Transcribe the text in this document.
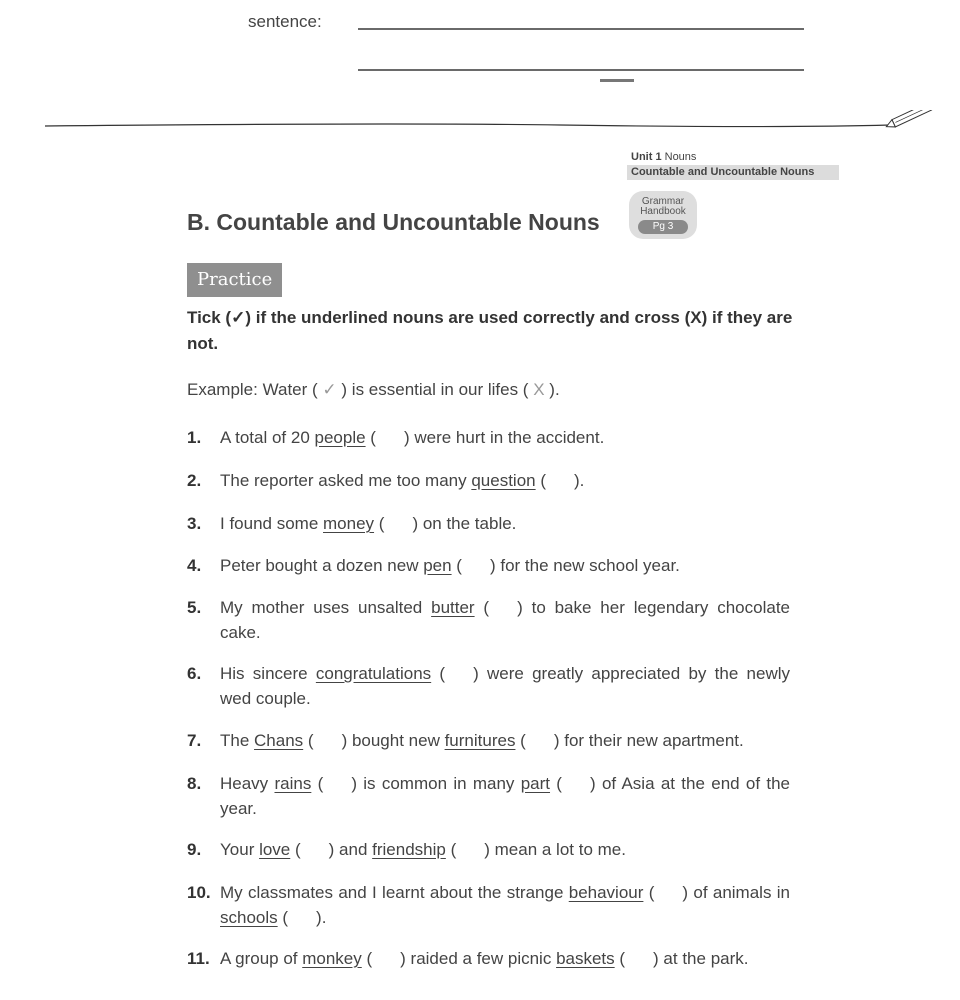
sentence:
Unit 1 Nouns
Countable and Uncountable Nouns
B. Countable and Uncountable Nouns
Grammar
Handbook
Pg 3
Practice
Tick (✓) if the underlined nouns are used correctly and cross (X) if they are not.
Example: Water ( ✓ ) is essential in our lifes ( X ).
1. A total of 20 people ( ) were hurt in the accident.
2. The reporter asked me too many question ( ).
3. I found some money ( ) on the table.
4. Peter bought a dozen new pen ( ) for the new school year.
5. My mother uses unsalted butter ( ) to bake her legendary chocolate cake.
6. His sincere congratulations ( ) were greatly appreciated by the newly wed couple.
7. The Chans ( ) bought new furnitures ( ) for their new apartment.
8. Heavy rains ( ) is common in many part ( ) of Asia at the end of the year.
9. Your love ( ) and friendship ( ) mean a lot to me.
10. My classmates and I learnt about the strange behaviour ( ) of animals in schools ( ).
11. A group of monkey ( ) raided a few picnic baskets ( ) at the park.
